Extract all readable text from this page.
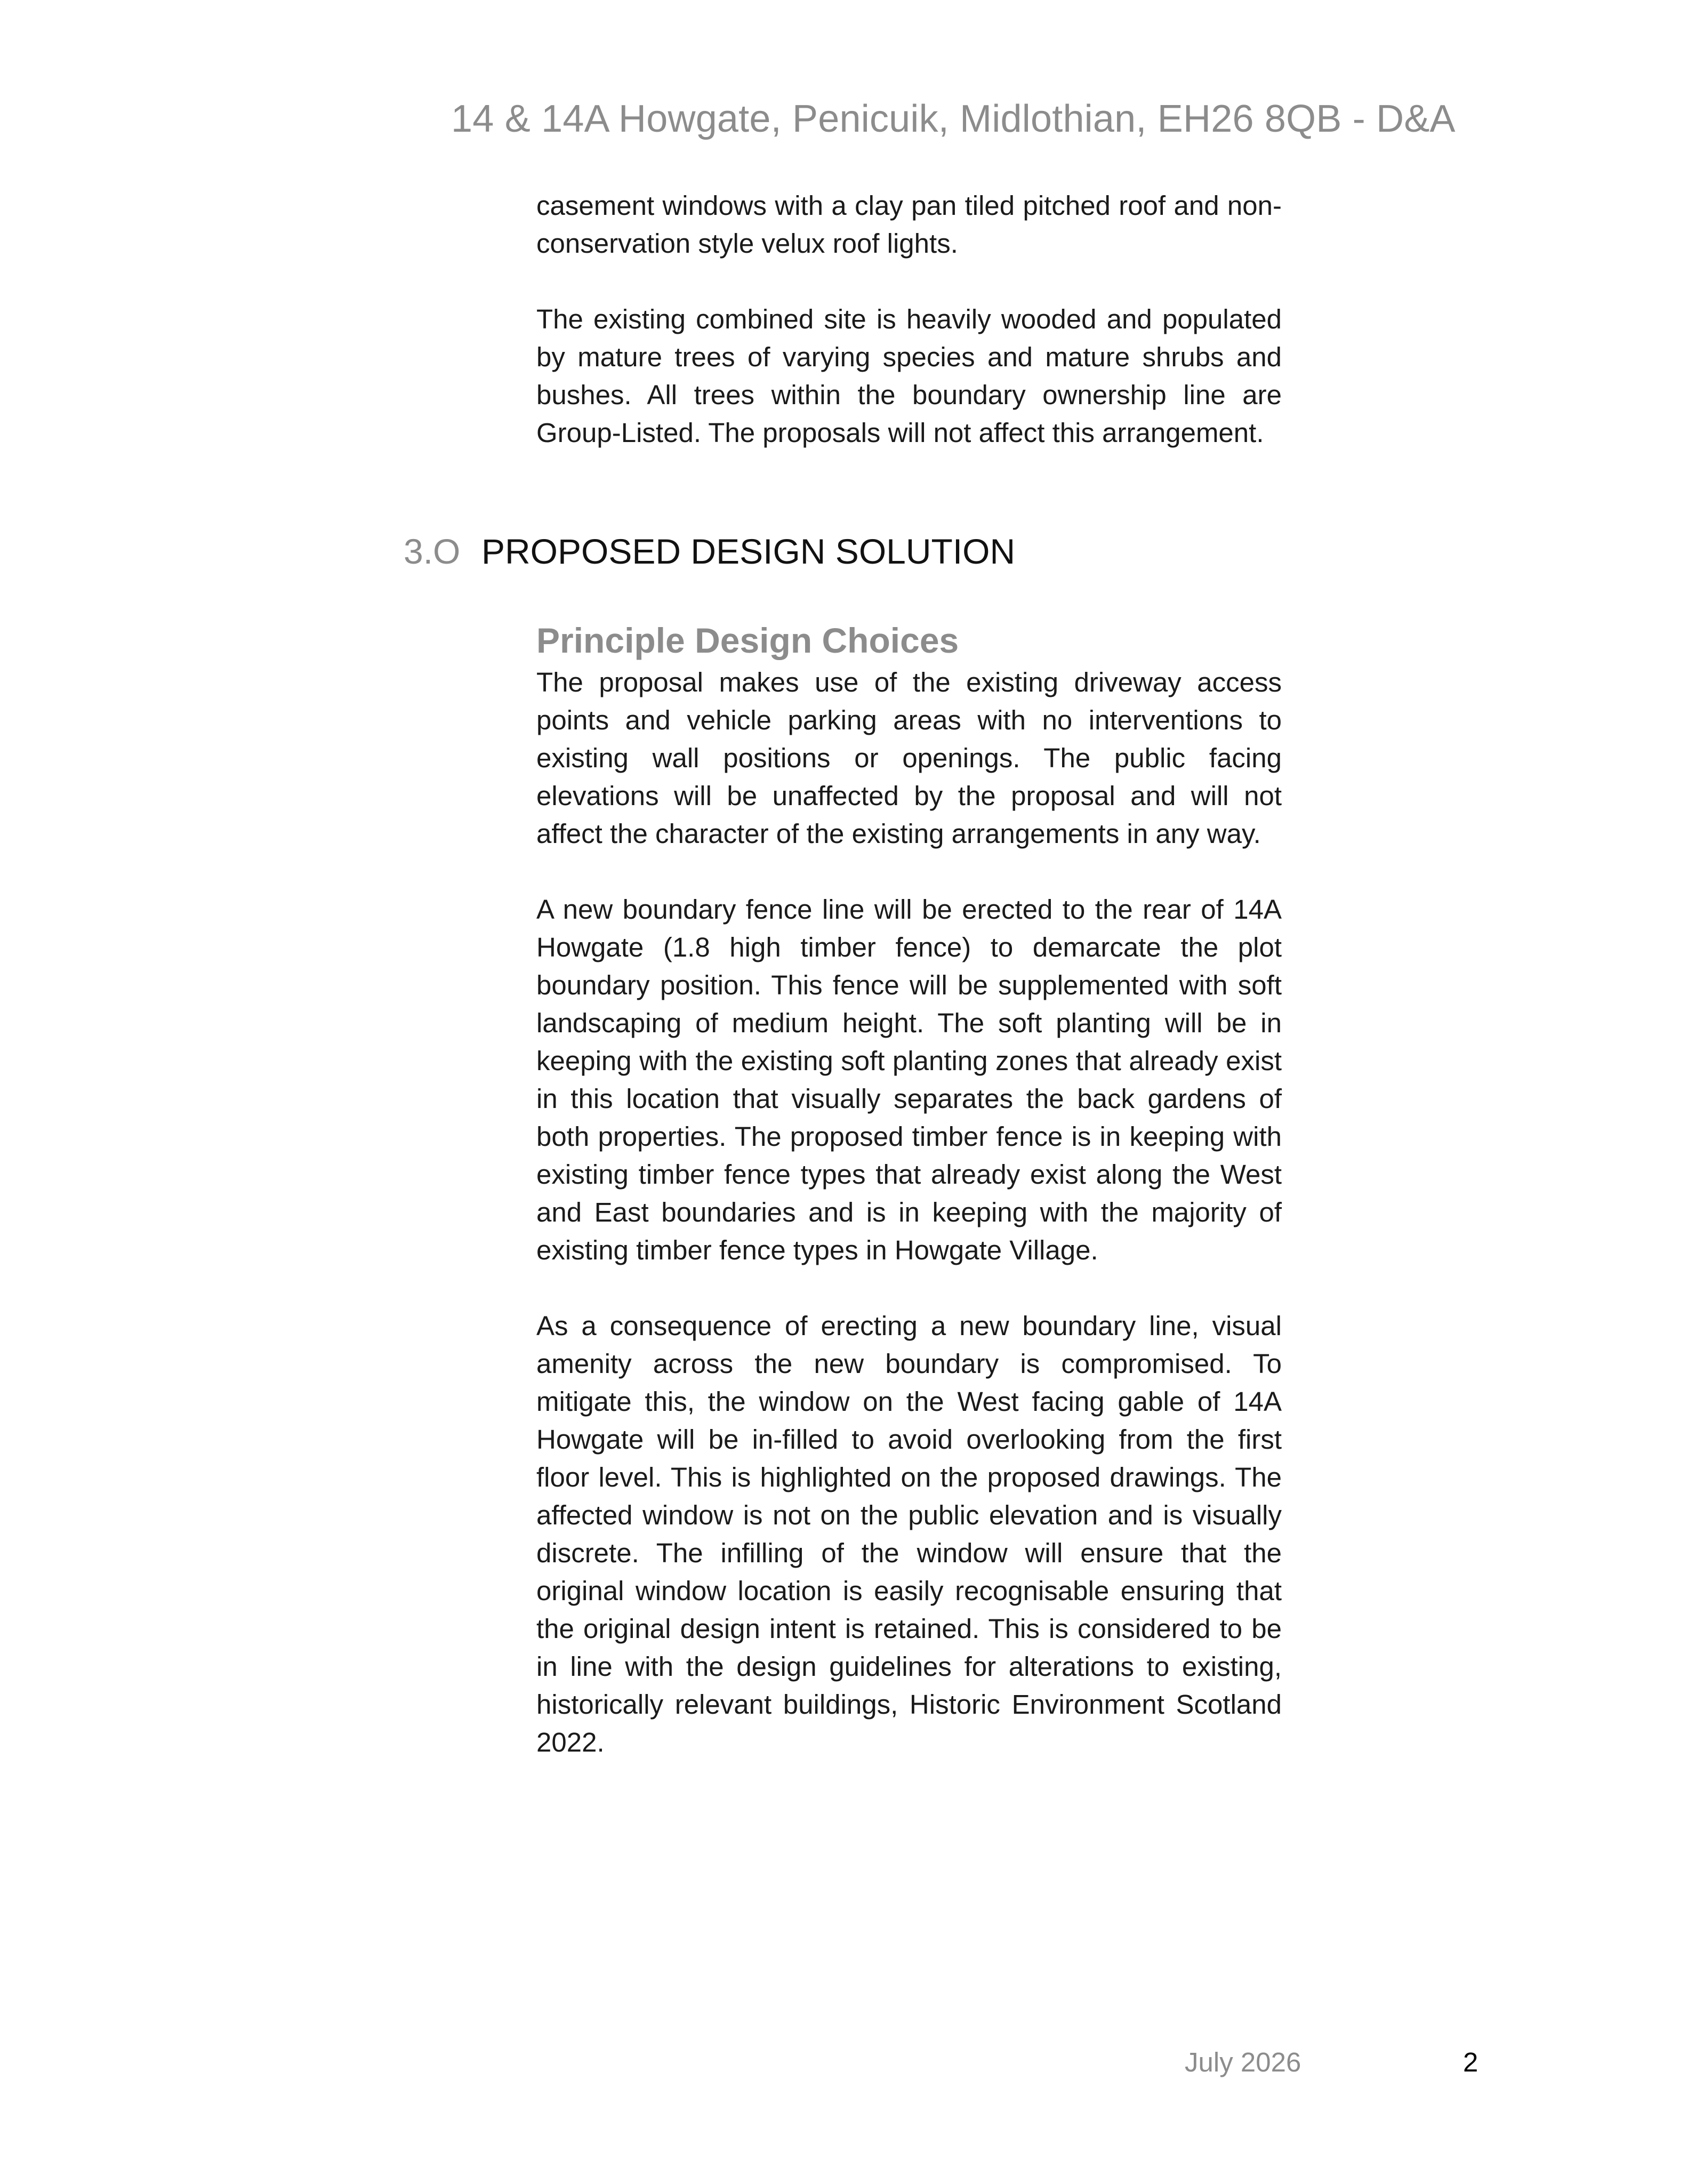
14 & 14A Howgate, Penicuik, Midlothian, EH26 8QB - D&A

casement windows with a clay pan tiled pitched roof and non-conservation style velux roof lights.

The existing combined site is heavily wooded and populated by mature trees of varying species and mature shrubs and bushes. All trees within the boundary ownership line are Group-Listed. The proposals will not affect this arrangement.

3.O PROPOSED DESIGN SOLUTION
Principle Design Choices

The proposal makes use of the existing driveway access points and vehicle parking areas with no interventions to existing wall positions or openings. The public facing elevations will be unaffected by the proposal and will not affect the character of the existing arrangements in any way.

A new boundary fence line will be erected to the rear of 14A Howgate (1.8 high timber fence) to demarcate the plot boundary position. This fence will be supplemented with soft landscaping of medium height. The soft planting will be in keeping with the existing soft planting zones that already exist in this location that visually separates the back gardens of both properties. The proposed timber fence is in keeping with existing timber fence types that already exist along the West and East boundaries and is in keeping with the majority of existing timber fence types in Howgate Village.

As a consequence of erecting a new boundary line, visual amenity across the new boundary is compromised. To mitigate this, the window on the West facing gable of 14A Howgate will be in-filled to avoid overlooking from the first floor level. This is highlighted on the proposed drawings. The affected window is not on the public elevation and is visually discrete. The infilling of the window will ensure that the original window location is easily recognisable ensuring that the original design intent is retained. This is considered to be in line with the design guidelines for alterations to existing, historically relevant buildings, Historic Environment Scotland 2022.

July 2026	2
